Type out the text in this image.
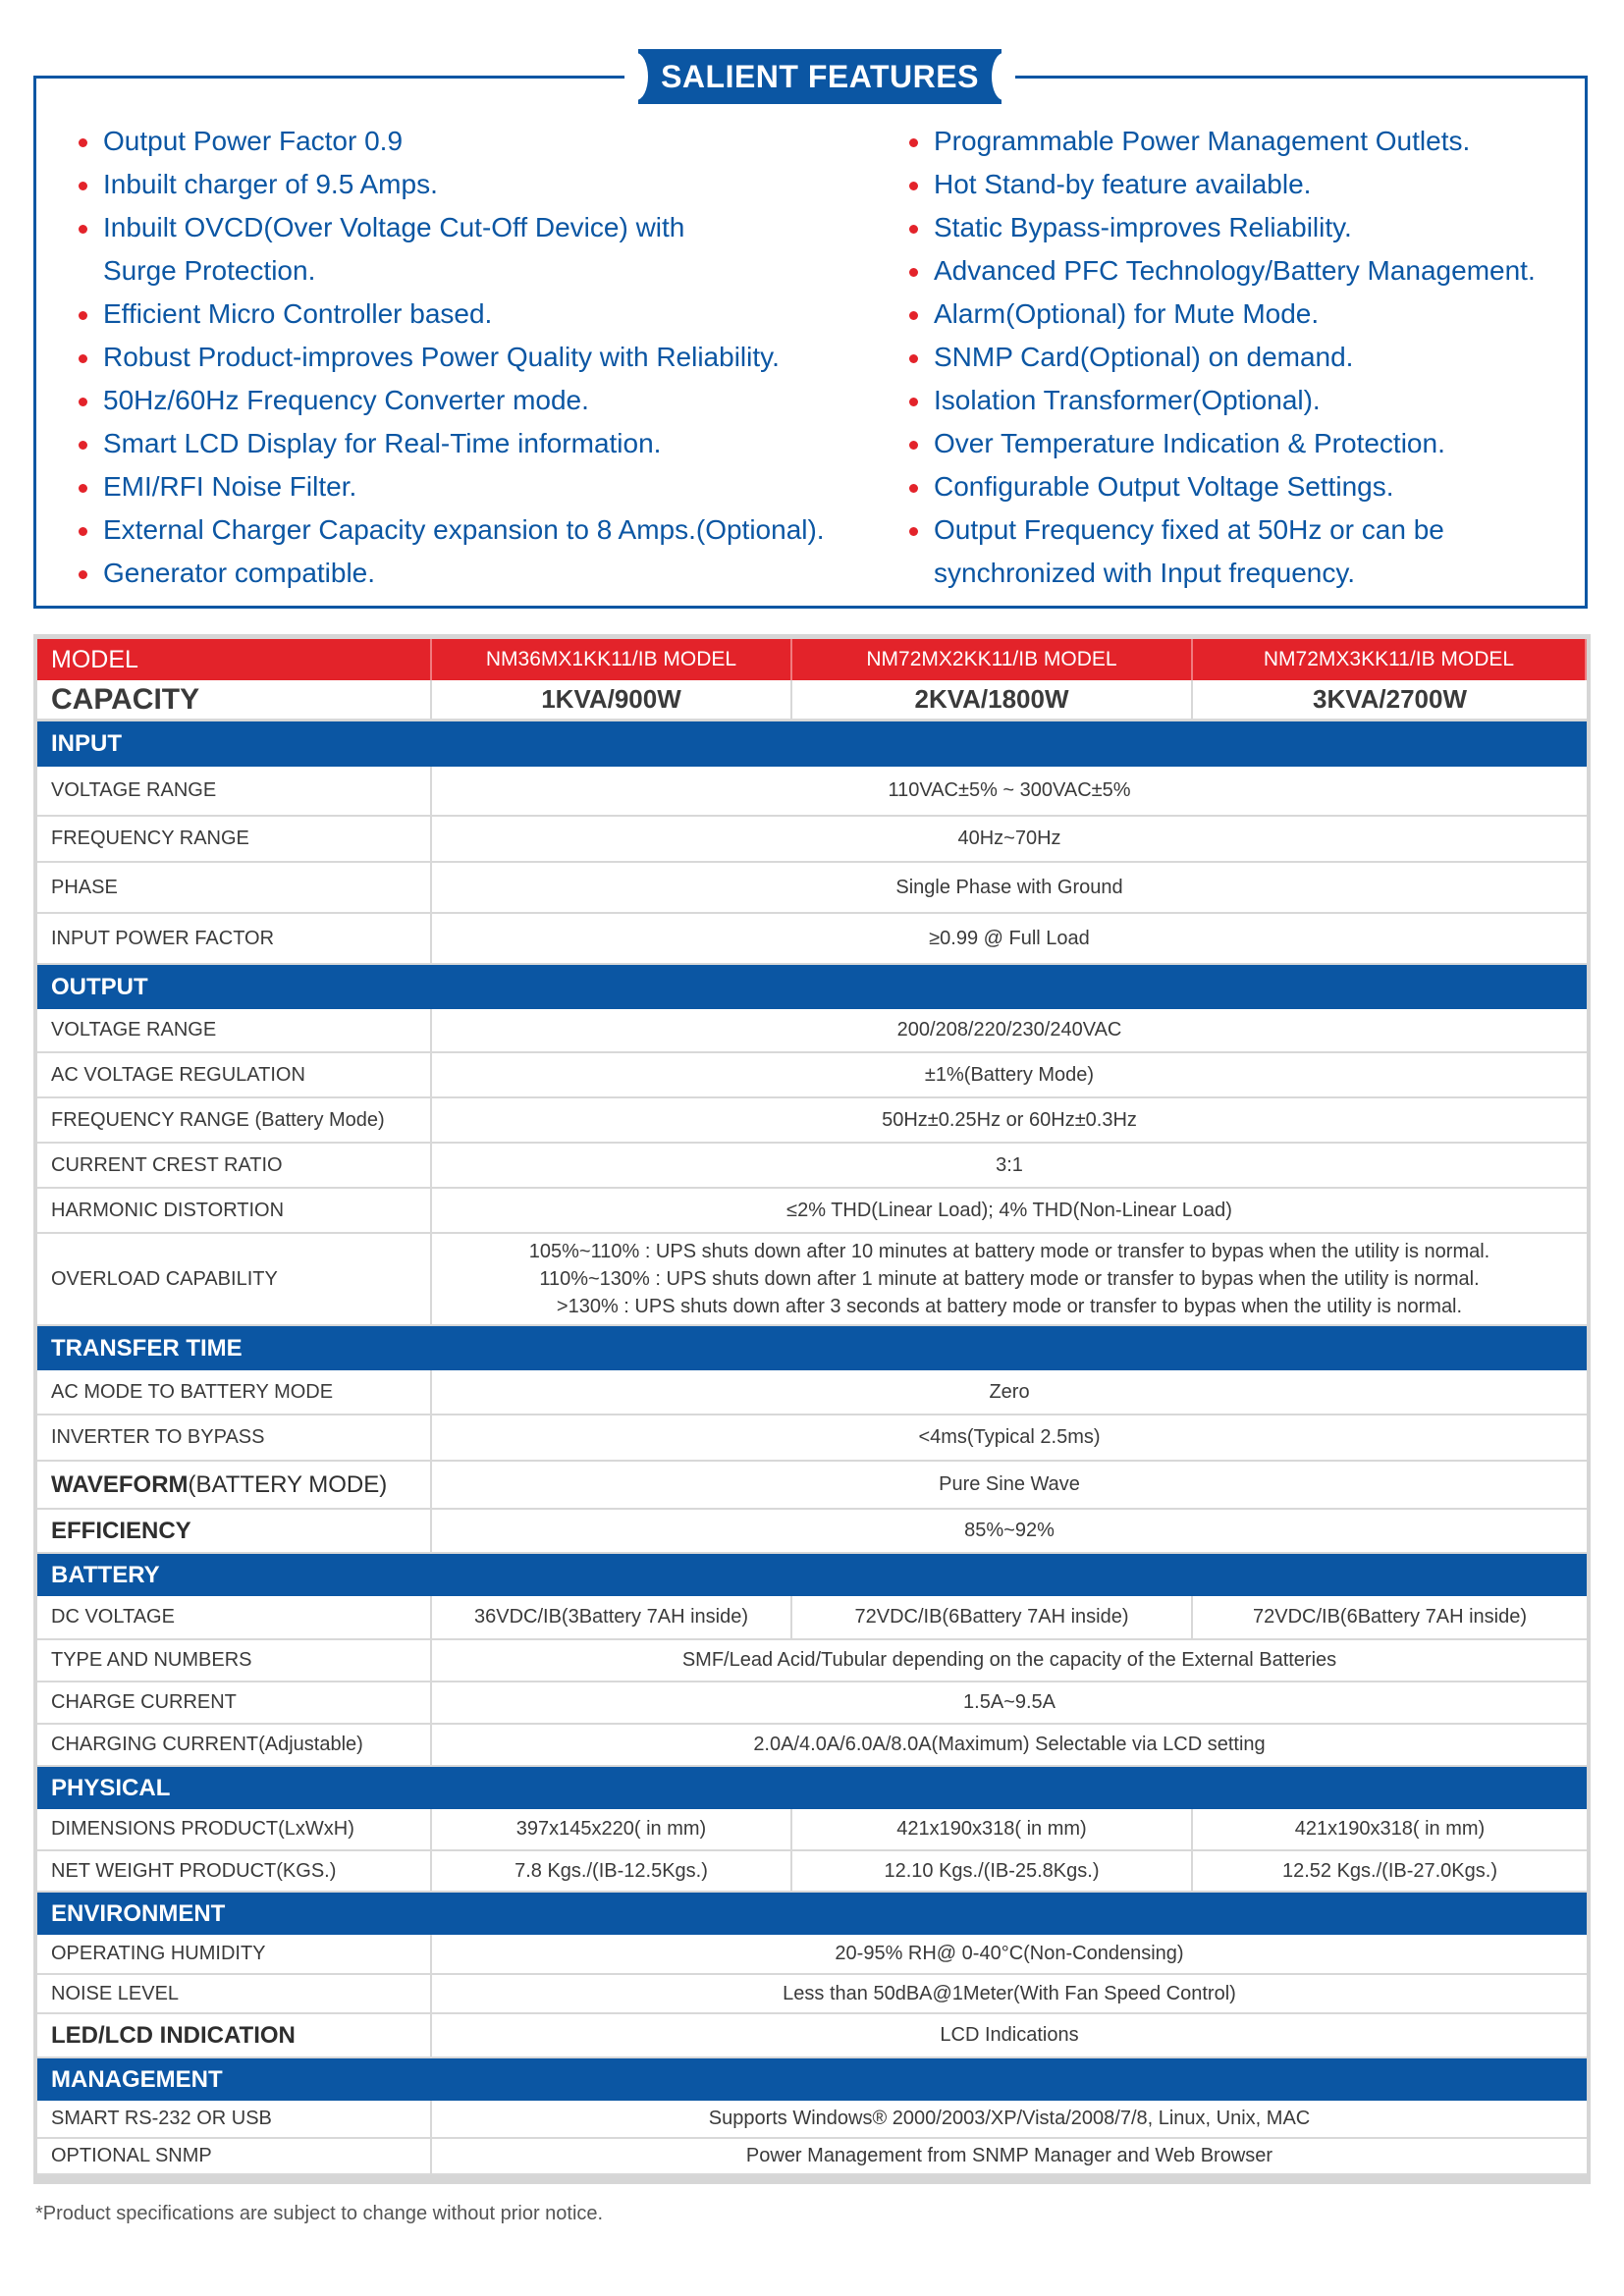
SALIENT FEATURES
Output Power Factor 0.9
Inbuilt charger of 9.5 Amps.
Inbuilt OVCD(Over Voltage Cut-Off Device) with
Surge Protection.
Efficient Micro Controller based.
Robust Product-improves Power Quality with Reliability.
50Hz/60Hz Frequency Converter mode.
Smart LCD Display for Real-Time information.
EMI/RFI Noise Filter.
External Charger Capacity expansion to 8 Amps.(Optional).
Generator compatible.
Programmable Power Management Outlets.
Hot Stand-by feature available.
Static Bypass-improves Reliability.
Advanced PFC Technology/Battery Management.
Alarm(Optional) for Mute Mode.
SNMP Card(Optional) on demand.
Isolation Transformer(Optional).
Over Temperature Indication & Protection.
Configurable Output Voltage Settings.
Output Frequency fixed at 50Hz or can be
synchronized with Input frequency.
MODEL	NM36MX1KK11/IB MODEL	NM72MX2KK11/IB MODEL	NM72MX3KK11/IB MODEL
CAPACITY	1KVA/900W	2KVA/1800W	3KVA/2700W
INPUT
VOLTAGE RANGE	110VAC±5% ~ 300VAC±5%
FREQUENCY RANGE	40Hz~70Hz
PHASE	Single Phase with Ground
INPUT POWER FACTOR	≥0.99 @ Full Load
OUTPUT
VOLTAGE RANGE	200/208/220/230/240VAC
AC VOLTAGE REGULATION	±1%(Battery Mode)
FREQUENCY RANGE (Battery Mode)	50Hz±0.25Hz or 60Hz±0.3Hz
CURRENT CREST RATIO	3:1
HARMONIC DISTORTION	≤2% THD(Linear Load); 4% THD(Non-Linear Load)
OVERLOAD CAPABILITY
105%~110% : UPS shuts down after 10 minutes at battery mode or transfer to bypas when the utility is normal.
110%~130% : UPS shuts down after 1 minute at battery mode or transfer to bypas when the utility is normal.
>130% : UPS shuts down after 3 seconds at battery mode or transfer to bypas when the utility is normal.
TRANSFER TIME
AC MODE TO BATTERY MODE	Zero
INVERTER TO BYPASS	<4ms(Typical 2.5ms)
WAVEFORM (BATTERY MODE)	Pure Sine Wave
EFFICIENCY	85%~92%
BATTERY
DC VOLTAGE	36VDC/IB(3Battery 7AH inside)	72VDC/IB(6Battery 7AH inside)	72VDC/IB(6Battery 7AH inside)
TYPE AND NUMBERS	SMF/Lead Acid/Tubular depending on the capacity of the External Batteries
CHARGE CURRENT	1.5A~9.5A
CHARGING CURRENT(Adjustable)	2.0A/4.0A/6.0A/8.0A(Maximum) Selectable via LCD setting
PHYSICAL
DIMENSIONS PRODUCT(LxWxH)	397x145x220( in mm)	421x190x318( in mm)	421x190x318( in mm)
NET WEIGHT PRODUCT(KGS.)	7.8 Kgs./(IB-12.5Kgs.)	12.10 Kgs./(IB-25.8Kgs.)	12.52 Kgs./(IB-27.0Kgs.)
ENVIRONMENT
OPERATING HUMIDITY	20-95% RH@ 0-40°C(Non-Condensing)
NOISE LEVEL	Less than 50dBA@1Meter(With Fan Speed Control)
LED/LCD INDICATION	LCD Indications
MANAGEMENT
SMART RS-232 OR USB	Supports Windows® 2000/2003/XP/Vista/2008/7/8, Linux, Unix, MAC
OPTIONAL SNMP	Power Management from SNMP Manager and Web Browser
*Product specifications are subject to change without prior notice.
